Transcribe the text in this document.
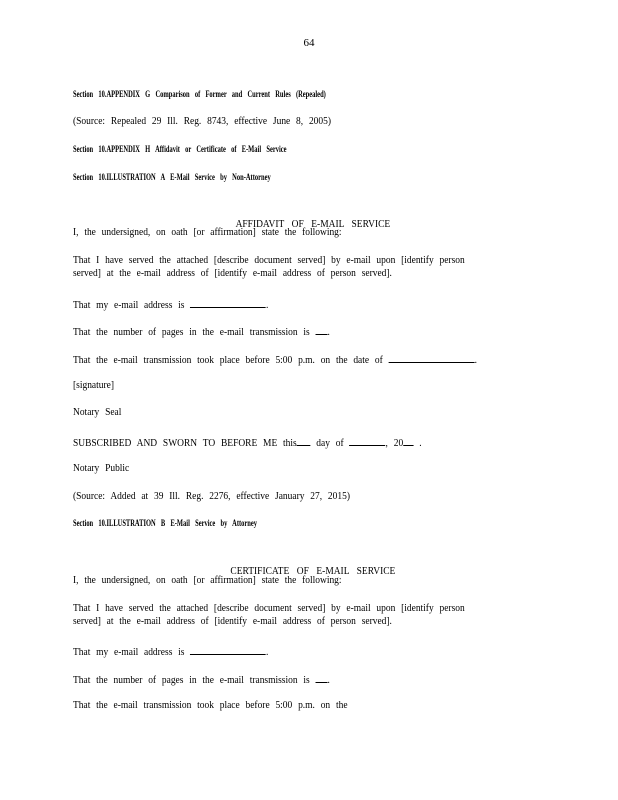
64
Section 10.APPENDIX G Comparison of Former and Current Rules (Repealed)
(Source: Repealed 29 Ill. Reg. 8743, effective June 8, 2005)
Section 10.APPENDIX H Affidavit or Certificate of E-Mail Service
Section 10.ILLUSTRATION A E-Mail Service by Non-Attorney

AFFIDAVIT OF E-MAIL SERVICE

I, the undersigned, on oath [or affirmation] state the following:
That I have served the attached [describe document served] by e-mail upon [identify person
served] at the e-mail address of [identify e-mail address of person served].
That my e-mail address is	.
That the number of pages in the e-mail transmission is .
That the e-mail transmission took place before 5:00 p.m. on the date of	.
[signature]
Notary Seal
SUBSCRIBED AND SWORN TO BEFORE ME this day of	, 20 .
Notary Public
(Source: Added at 39 Ill. Reg. 2276, effective January 27, 2015)
Section 10.ILLUSTRATION B E-Mail Service by Attorney

CERTIFICATE OF E-MAIL SERVICE

I, the undersigned, on oath [or affirmation] state the following:
That I have served the attached [describe document served] by e-mail upon [identify person
served] at the e-mail address of [identify e-mail address of person served].
That my e-mail address is	.
That the number of pages in the e-mail transmission is .
That the e-mail transmission took place before 5:00 p.m. on the
